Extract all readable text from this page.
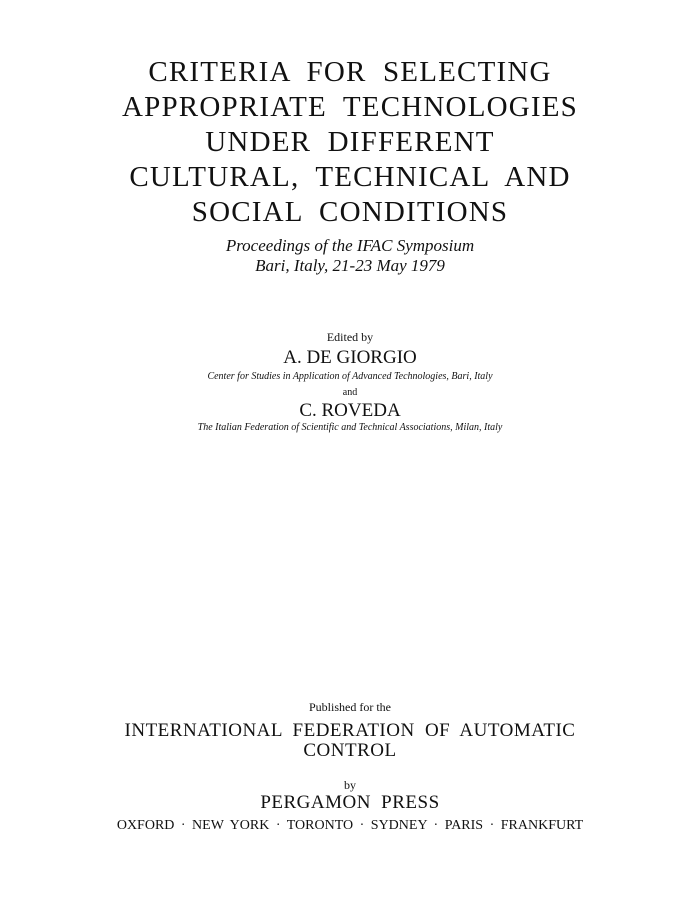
CRITERIA FOR SELECTING
APPROPRIATE TECHNOLOGIES
UNDER DIFFERENT
CULTURAL, TECHNICAL AND
SOCIAL CONDITIONS
Proceedings of the IFAC Symposium
Bari, Italy, 21-23 May 1979
Edited by
A. DE GIORGIO
Center for Studies in Application of Advanced Technologies, Bari, Italy
and
C. ROVEDA
The Italian Federation of Scientific and Technical Associations, Milan, Italy
Published for the
INTERNATIONAL FEDERATION OF AUTOMATIC
CONTROL
by
PERGAMON PRESS
OXFORD · NEW YORK · TORONTO · SYDNEY · PARIS · FRANKFURT
